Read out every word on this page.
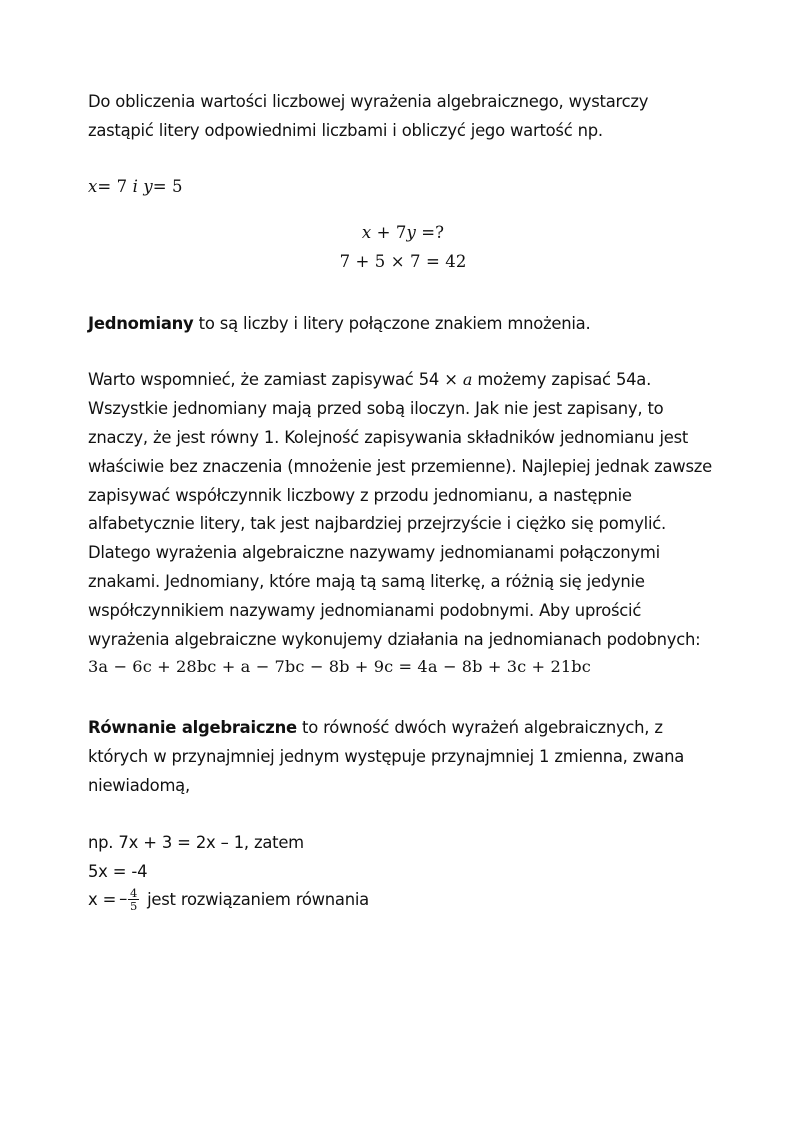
Do obliczenia wartości liczbowej wyrażenia algebraicznego, wystarczy

zastąpić litery odpowiednimi liczbami i obliczyć jego wartość np.

x= 7 i y= 5

x + 7y =?
7 + 5 × 7 = 42

Jednomiany to są liczby i litery połączone znakiem mnożenia.

Warto wspomnieć, że zamiast zapisywać 54 × a możemy zapisać 54a.

Wszystkie jednomiany mają przed sobą iloczyn. Jak nie jest zapisany, to znaczy, że jest równy 1. Kolejność zapisywania składników jednomianu jest właściwie bez znaczenia (mnożenie jest przemienne). Najlepiej jednak zawsze zapisywać współczynnik liczbowy z przodu jednomianu, a następnie alfabetycznie litery, tak jest najbardziej przejrzyście i ciężko się pomylić. Dlatego wyrażenia algebraiczne nazywamy jednomianami połączonymi znakami. Jednomiany, które mają tą samą literkę, a różnią się jedynie współczynnikiem nazywamy jednomianami podobnymi. Aby uprościć wyrażenia algebraiczne wykonujemy działania na jednomianach podobnych:

3a − 6c + 28bc + a − 7bc − 8b + 9c = 4a − 8b + 3c + 21bc

Równanie algebraiczne to równość dwóch wyrażeń algebraicznych, z których w przynajmniej jednym występuje przynajmniej 1 zmienna, zwana niewiadomą,

np. 7x + 3 = 2x – 1, zatem

5x = -4

x = – $\frac{4}{5}$ jest rozwiązaniem równania
